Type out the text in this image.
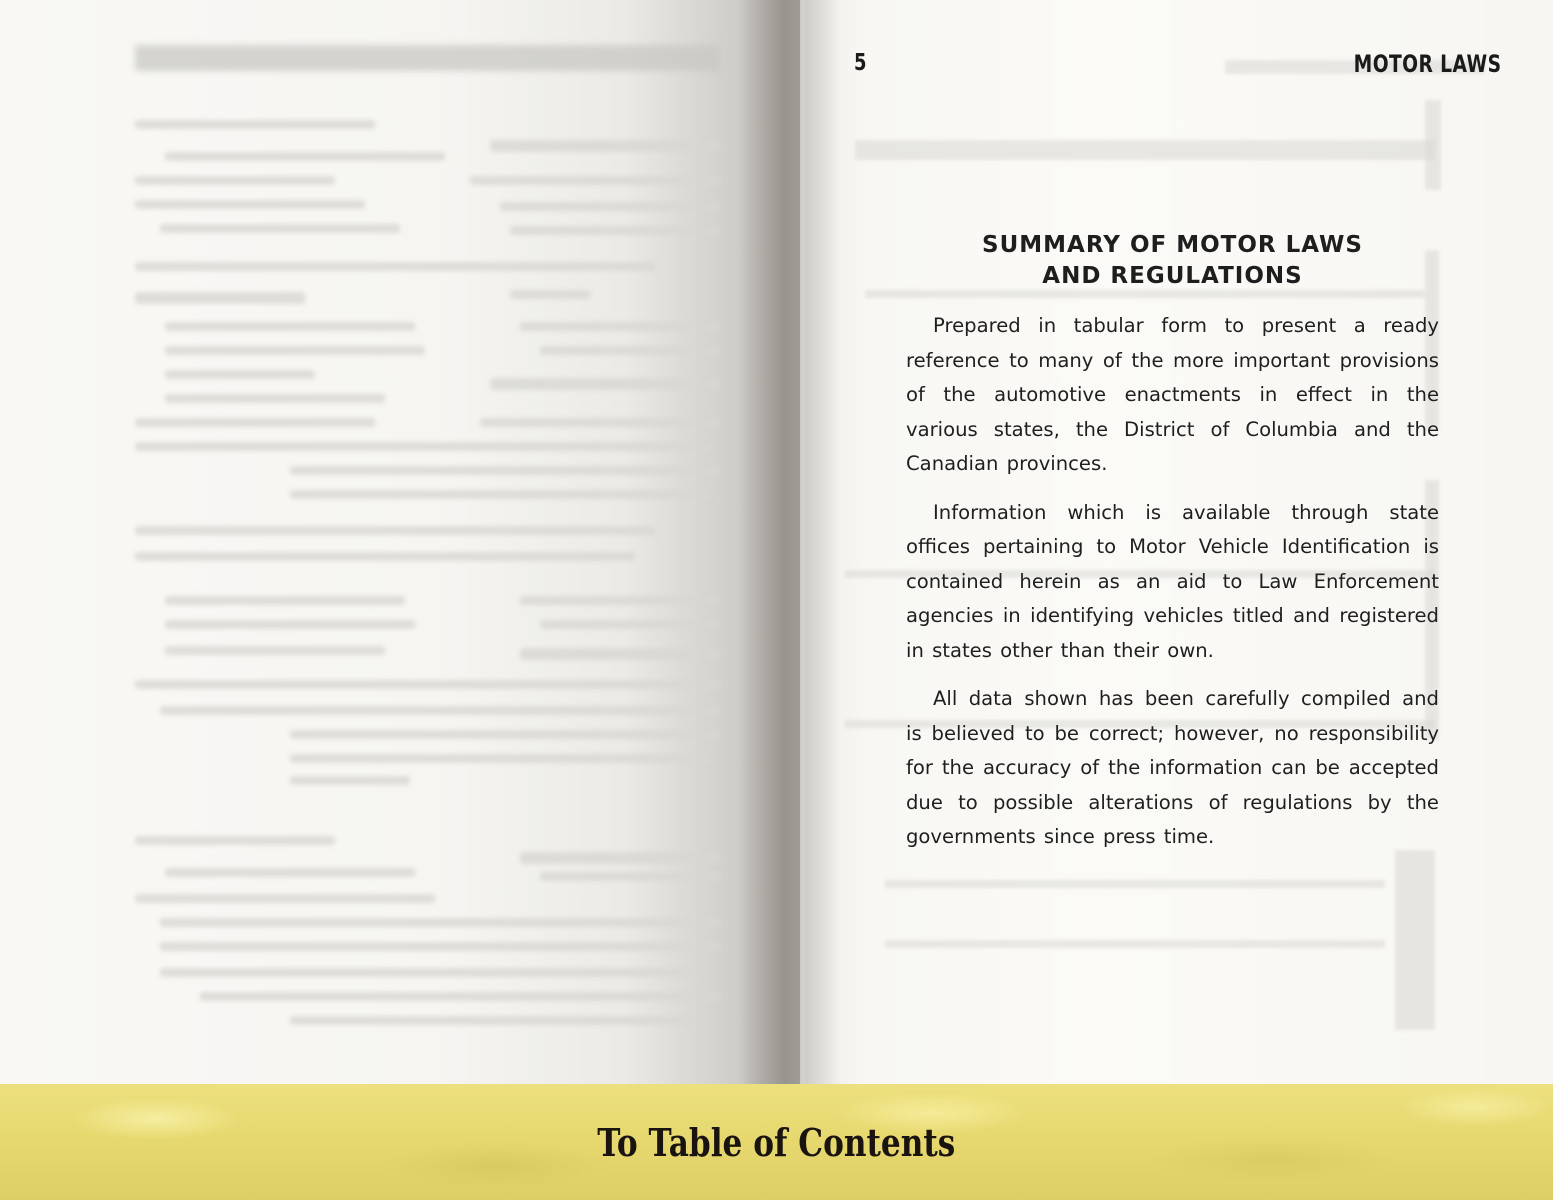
5	MOTOR LAWS
SUMMARY OF MOTOR LAWS
AND REGULATIONS

Prepared in tabular form to present a ready reference to many of the more important provisions of the automotive enactments in effect in the various states, the District of Columbia and the Canadian provinces.

Information which is available through state offices pertaining to Motor Vehicle Identification is contained herein as an aid to Law Enforcement agencies in identifying vehicles titled and registered in states other than their own.

All data shown has been carefully compiled and is believed to be correct; however, no responsibility for the accuracy of the information can be accepted due to possible alterations of regulations by the governments since press time.

To Table of Contents
